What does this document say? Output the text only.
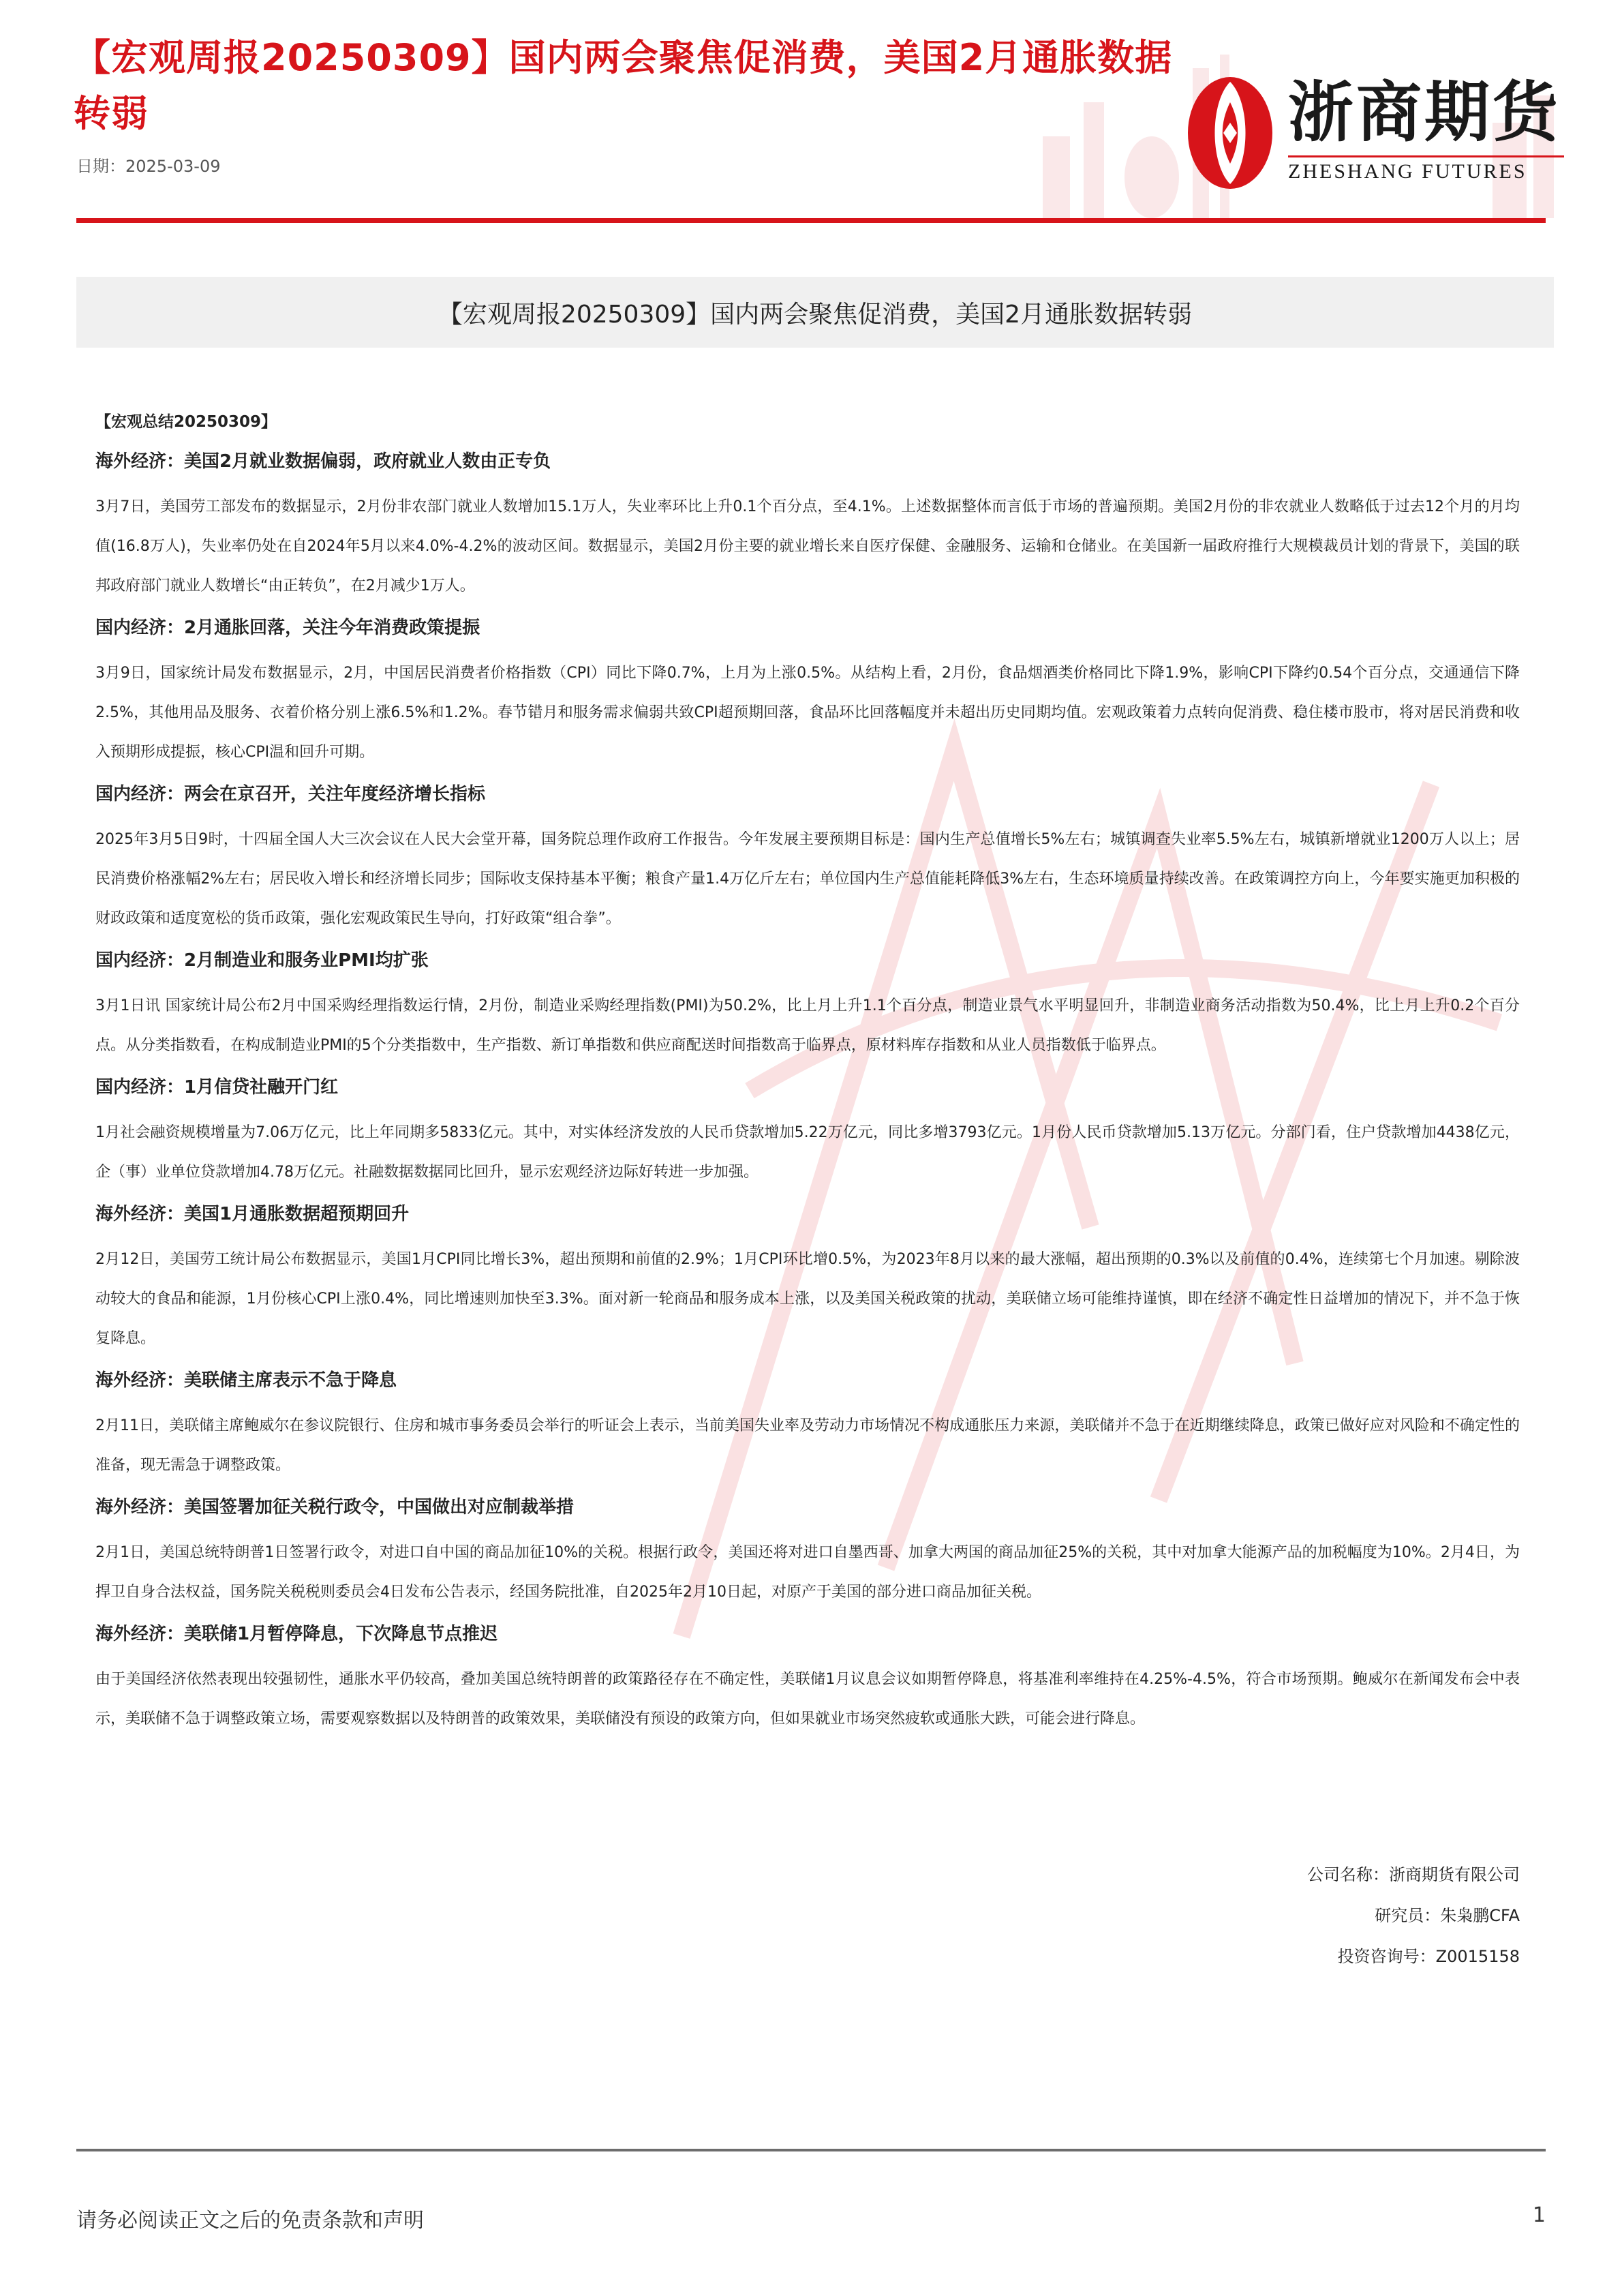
【宏观周报20250309】国内两会聚焦促消费，美国2月通胀数据转弱
日期：2025-03-09
浙商期货
ZHESHANG FUTURES
【宏观周报20250309】国内两会聚焦促消费，美国2月通胀数据转弱
【宏观总结20250309】
海外经济：美国2月就业数据偏弱，政府就业人数由正专负
3月7日，美国劳工部发布的数据显示，2月份非农部门就业人数增加15.1万人，失业率环比上升0.1个百分点，至4.1%。上述数据整体而言低于市场的普遍预期。美国2月份的非农就业人数略低于过去12个月的月均值(16.8万人)，失业率仍处在自2024年5月以来4.0%-4.2%的波动区间。数据显示，美国2月份主要的就业增长来自医疗保健、金融服务、运输和仓储业。在美国新一届政府推行大规模裁员计划的背景下，美国的联邦政府部门就业人数增长“由正转负”，在2月减少1万人。
国内经济：2月通胀回落，关注今年消费政策提振
3月9日，国家统计局发布数据显示，2月，中国居民消费者价格指数（CPI）同比下降0.7%，上月为上涨0.5%。从结构上看，2月份，食品烟酒类价格同比下降1.9%，影响CPI下降约0.54个百分点，交通通信下降2.5%，其他用品及服务、衣着价格分别上涨6.5%和1.2%。春节错月和服务需求偏弱共致CPI超预期回落，食品环比回落幅度并未超出历史同期均值。宏观政策着力点转向促消费、稳住楼市股市，将对居民消费和收入预期形成提振，核心CPI温和回升可期。
国内经济：两会在京召开，关注年度经济增长指标
2025年3月5日9时，十四届全国人大三次会议在人民大会堂开幕，国务院总理作政府工作报告。今年发展主要预期目标是：国内生产总值增长5%左右；城镇调查失业率5.5%左右，城镇新增就业1200万人以上；居民消费价格涨幅2%左右；居民收入增长和经济增长同步；国际收支保持基本平衡；粮食产量1.4万亿斤左右；单位国内生产总值能耗降低3%左右，生态环境质量持续改善。在政策调控方向上，今年要实施更加积极的财政政策和适度宽松的货币政策，强化宏观政策民生导向，打好政策“组合拳”。
国内经济：2月制造业和服务业PMI均扩张
3月1日讯 国家统计局公布2月中国采购经理指数运行情，2月份，制造业采购经理指数(PMI)为50.2%，比上月上升1.1个百分点，制造业景气水平明显回升，非制造业商务活动指数为50.4%，比上月上升0.2个百分点。从分类指数看，在构成制造业PMI的5个分类指数中，生产指数、新订单指数和供应商配送时间指数高于临界点，原材料库存指数和从业人员指数低于临界点。
国内经济：1月信贷社融开门红
1月社会融资规模增量为7.06万亿元，比上年同期多5833亿元。其中，对实体经济发放的人民币贷款增加5.22万亿元，同比多增3793亿元。1月份人民币贷款增加5.13万亿元。分部门看，住户贷款增加4438亿元，企（事）业单位贷款增加4.78万亿元。社融数据数据同比回升，显示宏观经济边际好转进一步加强。
海外经济：美国1月通胀数据超预期回升
2月12日，美国劳工统计局公布数据显示，美国1月CPI同比增长3%，超出预期和前值的2.9%；1月CPI环比增0.5%，为2023年8月以来的最大涨幅，超出预期的0.3%以及前值的0.4%，连续第七个月加速。剔除波动较大的食品和能源，1月份核心CPI上涨0.4%，同比增速则加快至3.3%。面对新一轮商品和服务成本上涨，以及美国关税政策的扰动，美联储立场可能维持谨慎，即在经济不确定性日益增加的情况下，并不急于恢复降息。
海外经济：美联储主席表示不急于降息
2月11日，美联储主席鲍威尔在参议院银行、住房和城市事务委员会举行的听证会上表示，当前美国失业率及劳动力市场情况不构成通胀压力来源，美联储并不急于在近期继续降息，政策已做好应对风险和不确定性的准备，现无需急于调整政策。
海外经济：美国签署加征关税行政令，中国做出对应制裁举措
2月1日，美国总统特朗普1日签署行政令，对进口自中国的商品加征10%的关税。根据行政令，美国还将对进口自墨西哥、加拿大两国的商品加征25%的关税，其中对加拿大能源产品的加税幅度为10%。2月4日，为捍卫自身合法权益，国务院关税税则委员会4日发布公告表示，经国务院批准，自2025年2月10日起，对原产于美国的部分进口商品加征关税。
海外经济：美联储1月暂停降息，下次降息节点推迟
由于美国经济依然表现出较强韧性，通胀水平仍较高，叠加美国总统特朗普的政策路径存在不确定性，美联储1月议息会议如期暂停降息，将基准利率维持在4.25%-4.5%，符合市场预期。鲍威尔在新闻发布会中表示，美联储不急于调整政策立场，需要观察数据以及特朗普的政策效果，美联储没有预设的政策方向，但如果就业市场突然疲软或通胀大跌，可能会进行降息。
公司名称：浙商期货有限公司
研究员：朱枭鹏CFA
投资咨询号：Z0015158
请务必阅读正文之后的免责条款和声明	1
